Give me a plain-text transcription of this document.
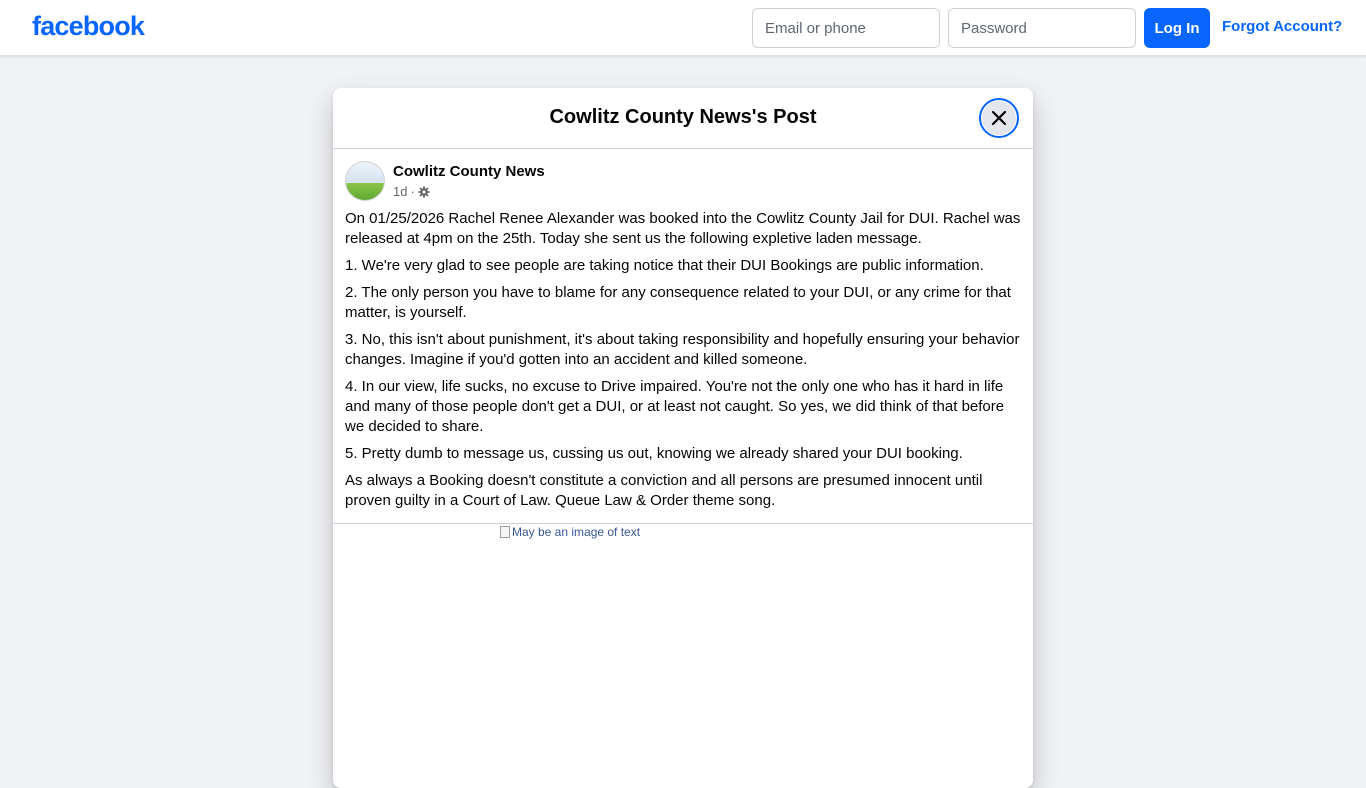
facebook
Email or phone	Log In	Forgot Account?
Cowlitz County News's Post
Cowlitz County News
1d ·

On 01/25/2026 Rachel Renee Alexander was booked into the Cowlitz County Jail for DUI. Rachel was released at 4pm on the 25th. Today she sent us the following expletive laden message.

1. We're very glad to see people are taking notice that their DUI Bookings are public information.

2. The only person you have to blame for any consequence related to your DUI, or any crime for that matter, is yourself.

3. No, this isn't about punishment, it's about taking responsibility and hopefully ensuring your behavior changes. Imagine if you'd gotten into an accident and killed someone.

4. In our view, life sucks, no excuse to Drive impaired. You're not the only one who has it hard in life and many of those people don't get a DUI, or at least not caught. So yes, we did think of that before we decided to share.

5. Pretty dumb to message us, cussing us out, knowing we already shared your DUI booking.

As always a Booking doesn't constitute a conviction and all persons are presumed innocent until proven guilty in a Court of Law. Queue Law & Order theme song.

May be an image of text
